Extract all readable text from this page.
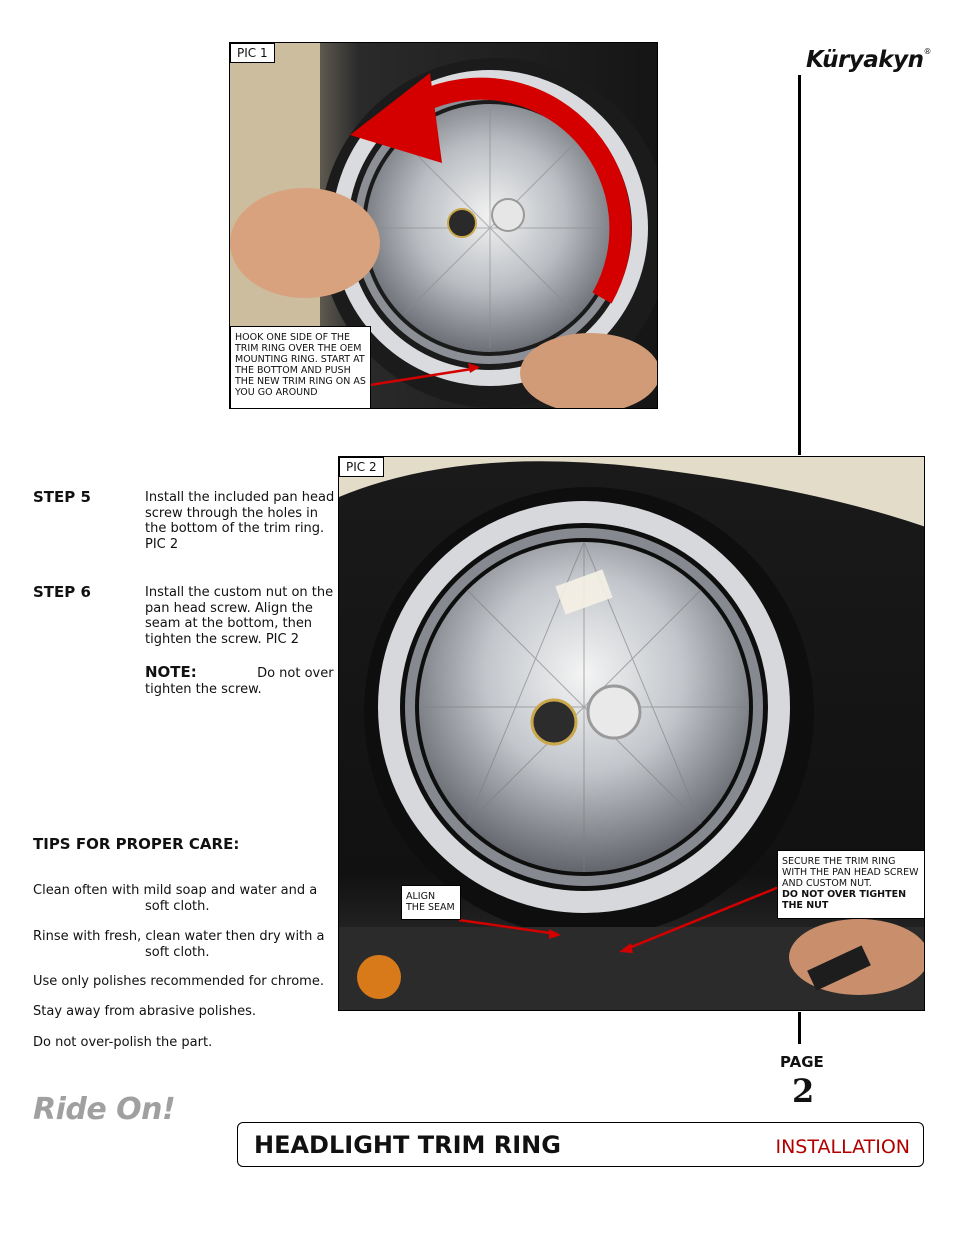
Küryakyn®
PIC 1
HOOK ONE SIDE OF THE TRIM RING OVER THE OEM MOUNTING RING. START AT THE BOTTOM AND PUSH THE NEW TRIM RING ON AS YOU GO AROUND
PIC 2
ALIGN THE SEAM
SECURE THE TRIM RING WITH THE PAN HEAD SCREW AND CUSTOM NUT.
DO NOT OVER TIGHTEN THE NUT
STEP 5	Install the included pan head screw through the holes in the bottom of the trim ring. PIC 2
STEP 6	Install the custom nut on the pan head screw. Align the seam at the bottom, then tighten the screw. PIC 2
NOTE:	Do not over tighten the screw.
TIPS FOR PROPER CARE:
Clean often with mild soap and water and a soft cloth.
Rinse with fresh, clean water then dry with a soft cloth.
Use only polishes recommended for chrome.
Stay away from abrasive polishes.
Do not over-polish the part.
PAGE
2
Ride On!
HEADLIGHT TRIM RING	INSTALLATION
